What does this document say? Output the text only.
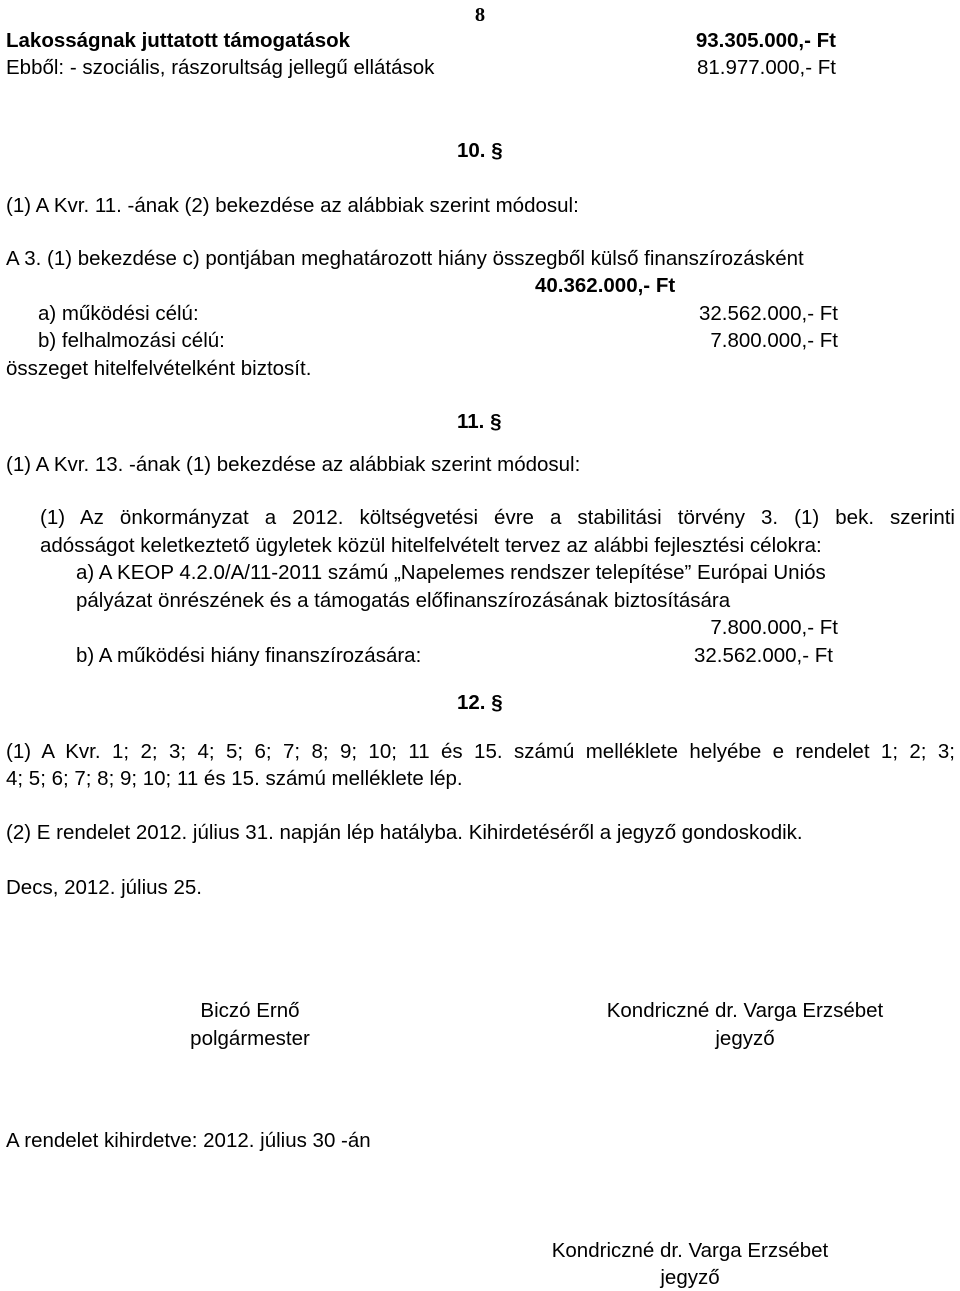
8
Lakosságnak juttatott támogatások	93.305.000,- Ft
Ebből: - szociális, rászorultság jellegű ellátások	81.977.000,- Ft
10. §
(1) A Kvr. 11. -ának (2) bekezdése az alábbiak szerint módosul:
A 3. (1) bekezdése c) pontjában meghatározott hiány összegből külső finanszírozásként
40.362.000,- Ft
a) működési célú:	32.562.000,- Ft
b) felhalmozási célú:	7.800.000,- Ft
összeget hitelfelvételként biztosít.
11. §
(1) A Kvr. 13. -ának (1) bekezdése az alábbiak szerint módosul:
(1) Az önkormányzat a 2012. költségvetési évre a stabilitási törvény 3. (1) bek. szerinti
adósságot keletkeztető ügyletek közül hitelfelvételt tervez az alábbi fejlesztési célokra:
a) A KEOP 4.2.0/A/11-2011 számú „Napelemes rendszer telepítése” Európai Uniós
pályázat önrészének és a támogatás előfinanszírozásának biztosítására
7.800.000,- Ft
b) A működési hiány finanszírozására:	32.562.000,- Ft
12. §
(1) A Kvr. 1; 2; 3; 4; 5; 6; 7; 8; 9; 10; 11 és 15. számú melléklete helyébe e rendelet 1; 2; 3;
4; 5; 6; 7; 8; 9; 10; 11 és 15. számú melléklete lép.
(2) E rendelet 2012. július 31. napján lép hatályba. Kihirdetéséről a jegyző gondoskodik.
Decs, 2012. július 25.
Biczó Ernő
polgármester
Kondriczné dr. Varga Erzsébet
jegyző
A rendelet kihirdetve: 2012. július 30 -án
Kondriczné dr. Varga Erzsébet
jegyző
